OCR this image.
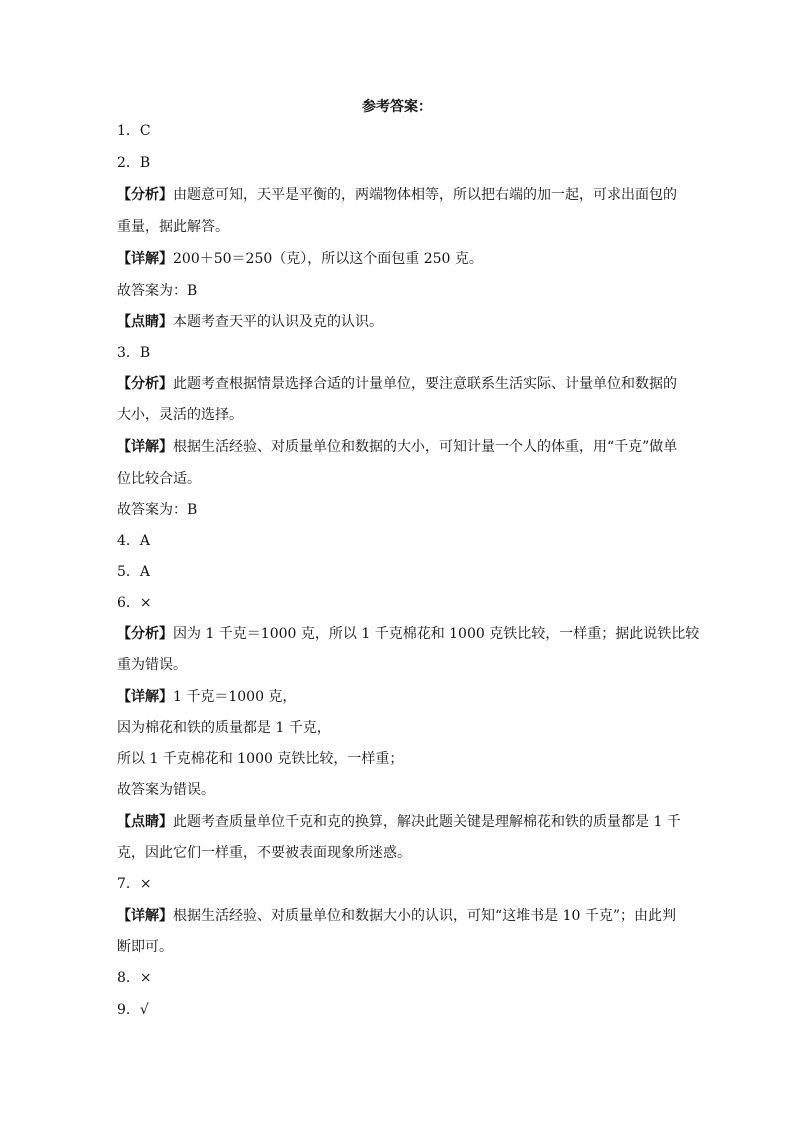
参考答案：
1．C
2．B
【分析】由题意可知，天平是平衡的，两端物体相等，所以把右端的加一起，可求出面包的
重量，据此解答。
【详解】200＋50＝250（克），所以这个面包重 250 克。
故答案为：B
【点睛】本题考查天平的认识及克的认识。
3．B
【分析】此题考查根据情景选择合适的计量单位，要注意联系生活实际、计量单位和数据的
大小，灵活的选择。
【详解】根据生活经验、对质量单位和数据的大小，可知计量一个人的体重，用“千克”做单
位比较合适。
故答案为：B
4．A
5．A
6．×
【分析】因为 1 千克＝1000 克，所以 1 千克棉花和 1000 克铁比较，一样重；据此说铁比较
重为错误。
【详解】1 千克＝1000 克，
因为棉花和铁的质量都是 1 千克，
所以 1 千克棉花和 1000 克铁比较，一样重；
故答案为错误。
【点睛】此题考查质量单位千克和克的换算，解决此题关键是理解棉花和铁的质量都是 1 千
克，因此它们一样重，不要被表面现象所迷惑。
7．×
【详解】根据生活经验、对质量单位和数据大小的认识，可知“这堆书是 10 千克”；由此判
断即可。
8．×
9．√
